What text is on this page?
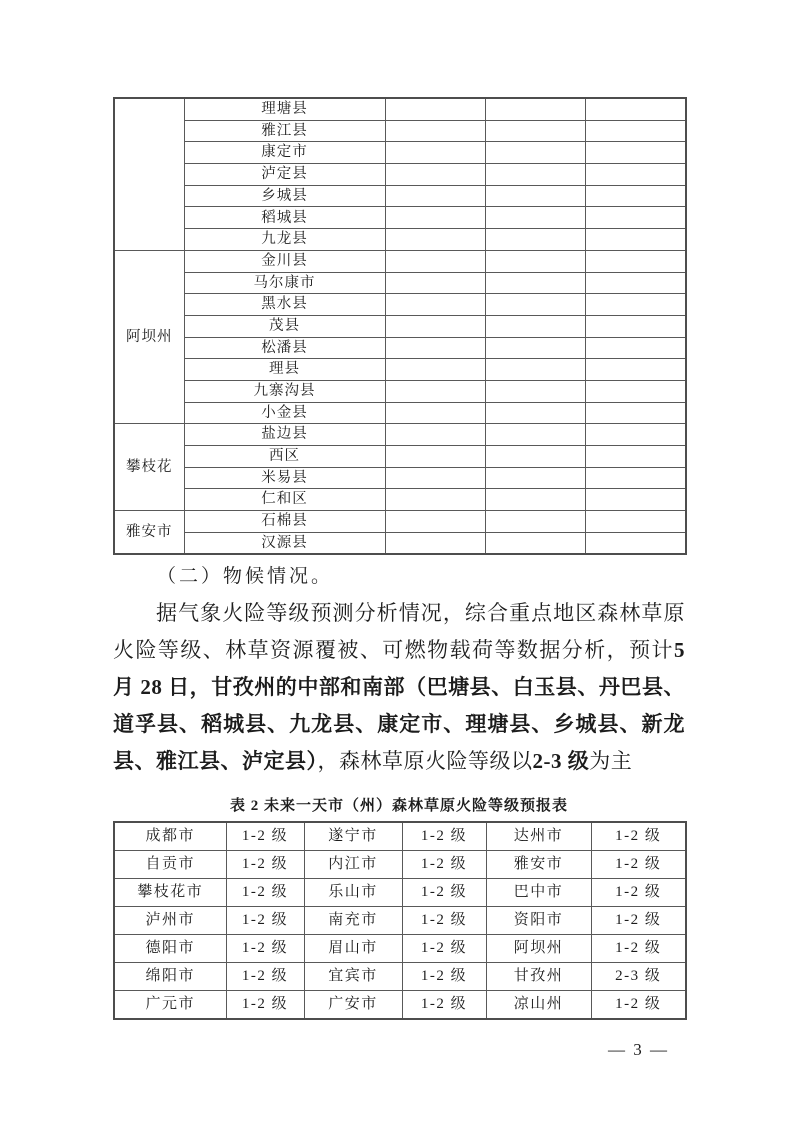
	理塘县			
	雅江县			
	康定市			
	泸定县			
	乡城县			
	稻城县			
	九龙县			
阿坝州	金川县			
	马尔康市			
	黑水县			
	茂县			
	松潘县			
	理县			
	九寨沟县			
	小金县			
攀枝花	盐边县			
	西区			
	米易县			
	仁和区			
雅安市	石棉县			
	汉源县			
（二）物候情况。
据气象火险等级预测分析情况，综合重点地区森林草原火险等级、林草资源覆被、可燃物载荷等数据分析，预计5 月 28 日，甘孜州的中部和南部（巴塘县、白玉县、丹巴县、道孚县、稻城县、九龙县、康定市、理塘县、乡城县、新龙县、雅江县、泸定县），森林草原火险等级以2-3 级为主
表 2 未来一天市（州）森林草原火险等级预报表
成都市	1-2 级	遂宁市	1-2 级	达州市	1-2 级
自贡市	1-2 级	内江市	1-2 级	雅安市	1-2 级
攀枝花市	1-2 级	乐山市	1-2 级	巴中市	1-2 级
泸州市	1-2 级	南充市	1-2 级	资阳市	1-2 级
德阳市	1-2 级	眉山市	1-2 级	阿坝州	1-2 级
绵阳市	1-2 级	宜宾市	1-2 级	甘孜州	2-3 级
广元市	1-2 级	广安市	1-2 级	凉山州	1-2 级
— 3 —
